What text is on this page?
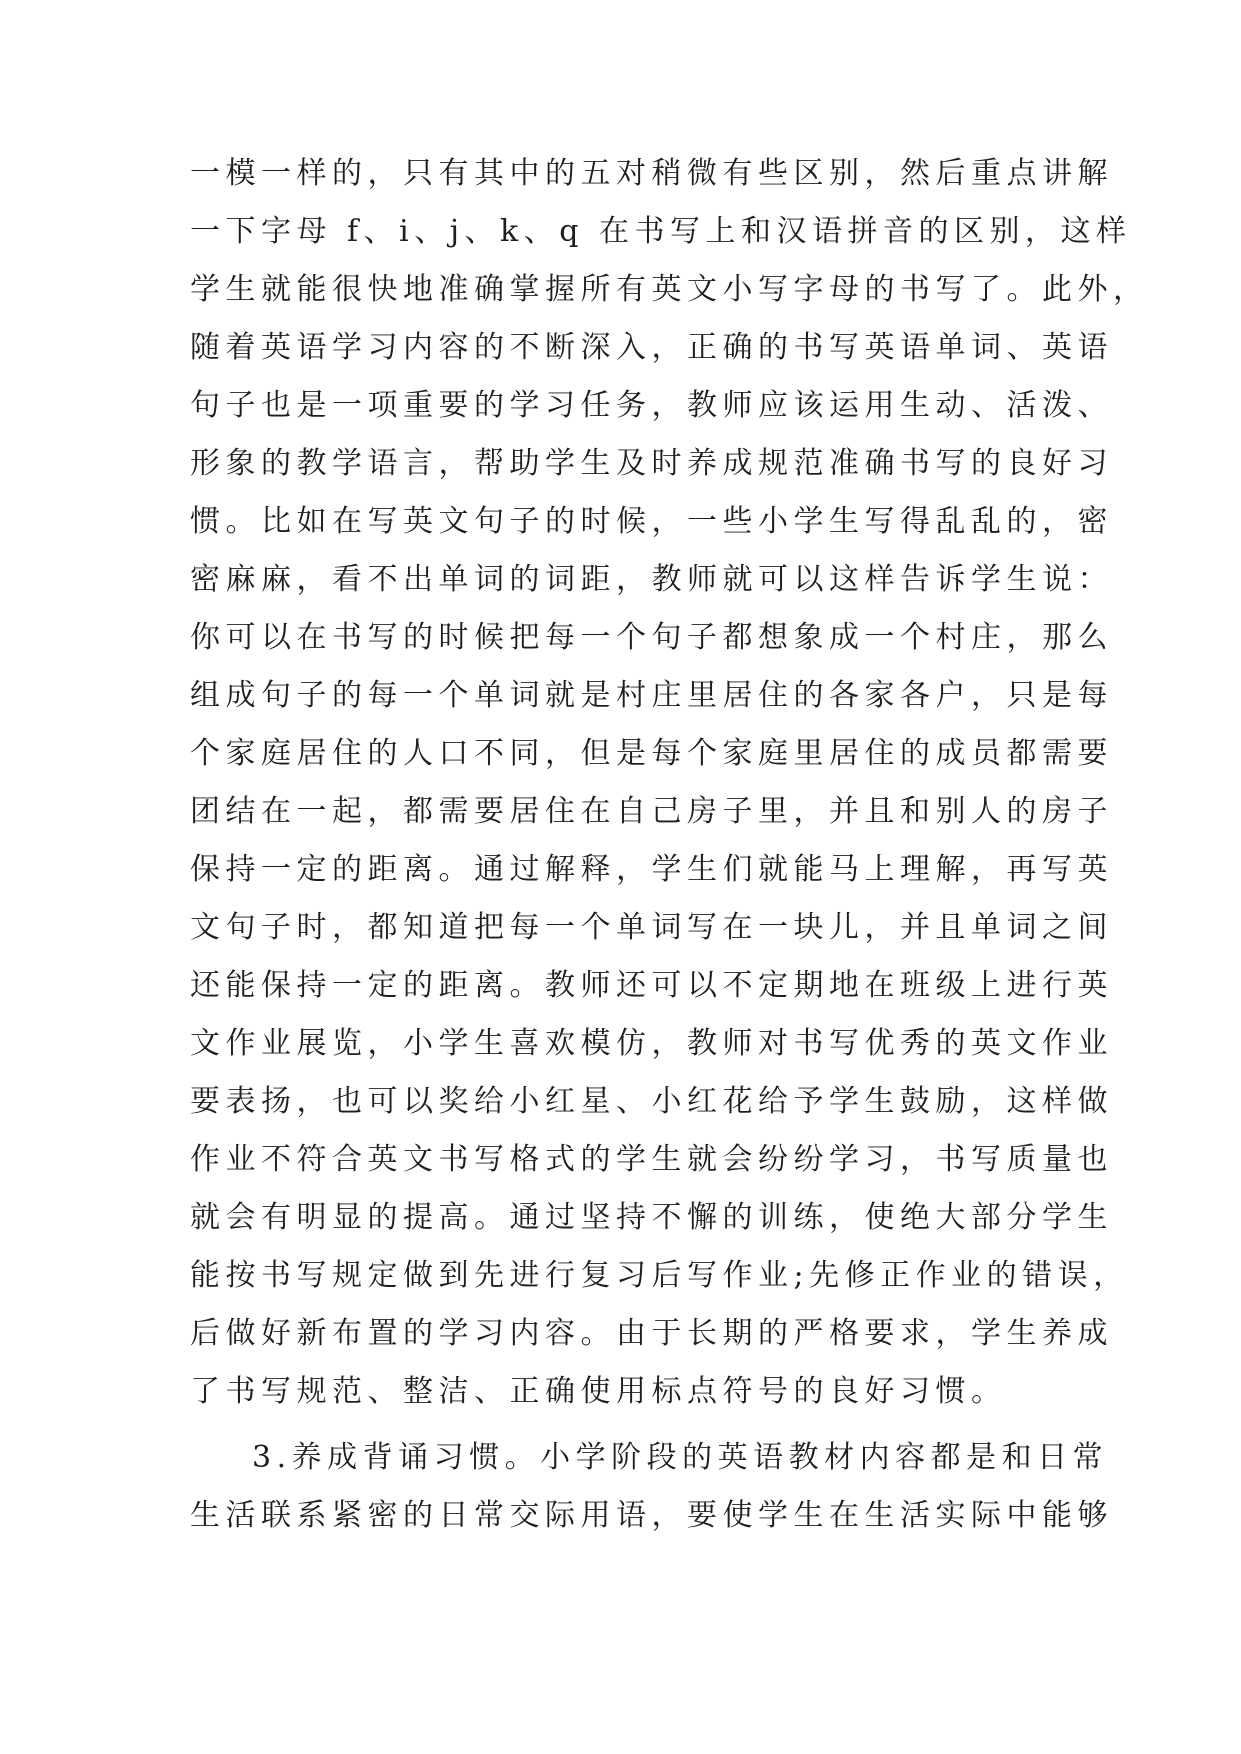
一模一样的，只有其中的五对稍微有些区别，然后重点讲解
一下字母 f、i、j、k、q 在书写上和汉语拼音的区别，这样
学生就能很快地准确掌握所有英文小写字母的书写了。此外，
随着英语学习内容的不断深入，正确的书写英语单词、英语
句子也是一项重要的学习任务，教师应该运用生动、活泼、
形象的教学语言，帮助学生及时养成规范准确书写的良好习
惯。比如在写英文句子的时候，一些小学生写得乱乱的，密
密麻麻，看不出单词的词距，教师就可以这样告诉学生说：
你可以在书写的时候把每一个句子都想象成一个村庄，那么
组成句子的每一个单词就是村庄里居住的各家各户，只是每
个家庭居住的人口不同，但是每个家庭里居住的成员都需要
团结在一起，都需要居住在自己房子里，并且和别人的房子
保持一定的距离。通过解释，学生们就能马上理解，再写英
文句子时，都知道把每一个单词写在一块儿，并且单词之间
还能保持一定的距离。教师还可以不定期地在班级上进行英
文作业展览，小学生喜欢模仿，教师对书写优秀的英文作业
要表扬，也可以奖给小红星、小红花给予学生鼓励，这样做
作业不符合英文书写格式的学生就会纷纷学习，书写质量也
就会有明显的提高。通过坚持不懈的训练，使绝大部分学生
能按书写规定做到先进行复习后写作业;先修正作业的错误，
后做好新布置的学习内容。由于长期的严格要求，学生养成
了书写规范、整洁、正确使用标点符号的良好习惯。
3.养成背诵习惯。小学阶段的英语教材内容都是和日常
生活联系紧密的日常交际用语，要使学生在生活实际中能够
